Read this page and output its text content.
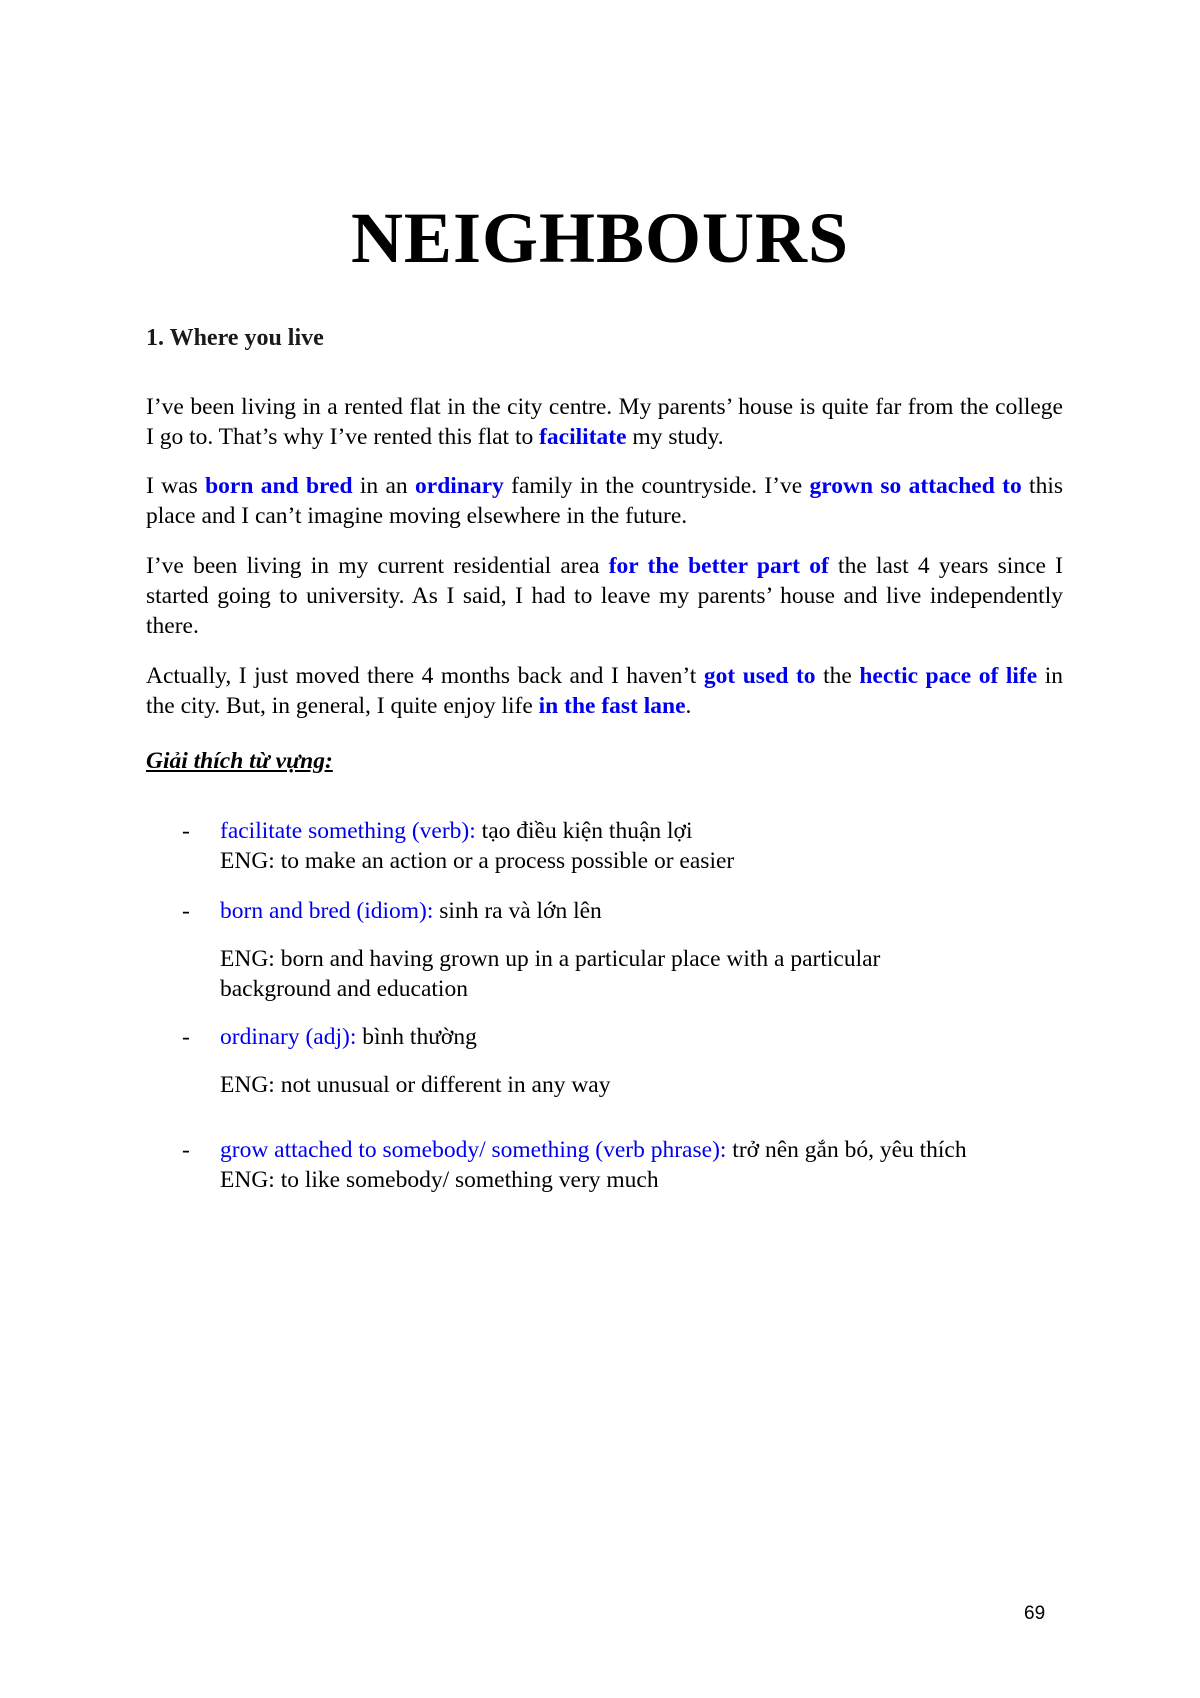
NEIGHBOURS
1. Where you live
I’ve been living in a rented flat in the city centre. My parents’ house is quite far from the college I go to. That’s why I’ve rented this flat to facilitate my study.
I was born and bred in an ordinary family in the countryside. I’ve grown so attached to this place and I can’t imagine moving elsewhere in the future.
I’ve been living in my current residential area for the better part of the last 4 years since I started going to university. As I said, I had to leave my parents’ house and live independently there.
Actually, I just moved there 4 months back and I haven’t got used to the hectic pace of life in the city. But, in general, I quite enjoy life in the fast lane.
Giải thích từ vựng:
- facilitate something (verb): tạo điều kiện thuận lợi
ENG: to make an action or a process possible or easier
- born and bred (idiom): sinh ra và lớn lên
ENG: born and having grown up in a particular place with a particular background and education
- ordinary (adj): bình thường
ENG: not unusual or different in any way
- grow attached to somebody/ something (verb phrase): trở nên gắn bó, yêu thích
ENG: to like somebody/ something very much
69
